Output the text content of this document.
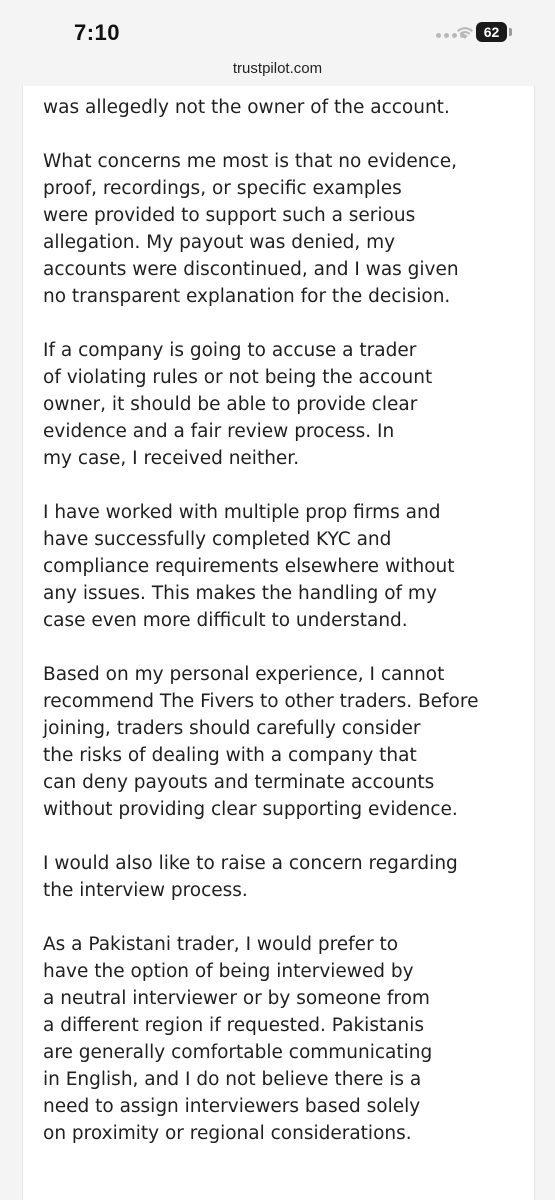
7:10	62
trustpilot.com

was allegedly not the owner of the account.

What concerns me most is that no evidence,
proof, recordings, or specific examples
were provided to support such a serious
allegation. My payout was denied, my
accounts were discontinued, and I was given
no transparent explanation for the decision.

If a company is going to accuse a trader
of violating rules or not being the account
owner, it should be able to provide clear
evidence and a fair review process. In
my case, I received neither.

I have worked with multiple prop firms and
have successfully completed KYC and
compliance requirements elsewhere without
any issues. This makes the handling of my
case even more difficult to understand.

Based on my personal experience, I cannot
recommend The Fivers to other traders. Before
joining, traders should carefully consider
the risks of dealing with a company that
can deny payouts and terminate accounts
without providing clear supporting evidence.

I would also like to raise a concern regarding
the interview process.

As a Pakistani trader, I would prefer to
have the option of being interviewed by
a neutral interviewer or by someone from
a different region if requested. Pakistanis
are generally comfortable communicating
in English, and I do not believe there is a
need to assign interviewers based solely
on proximity or regional considerations.
